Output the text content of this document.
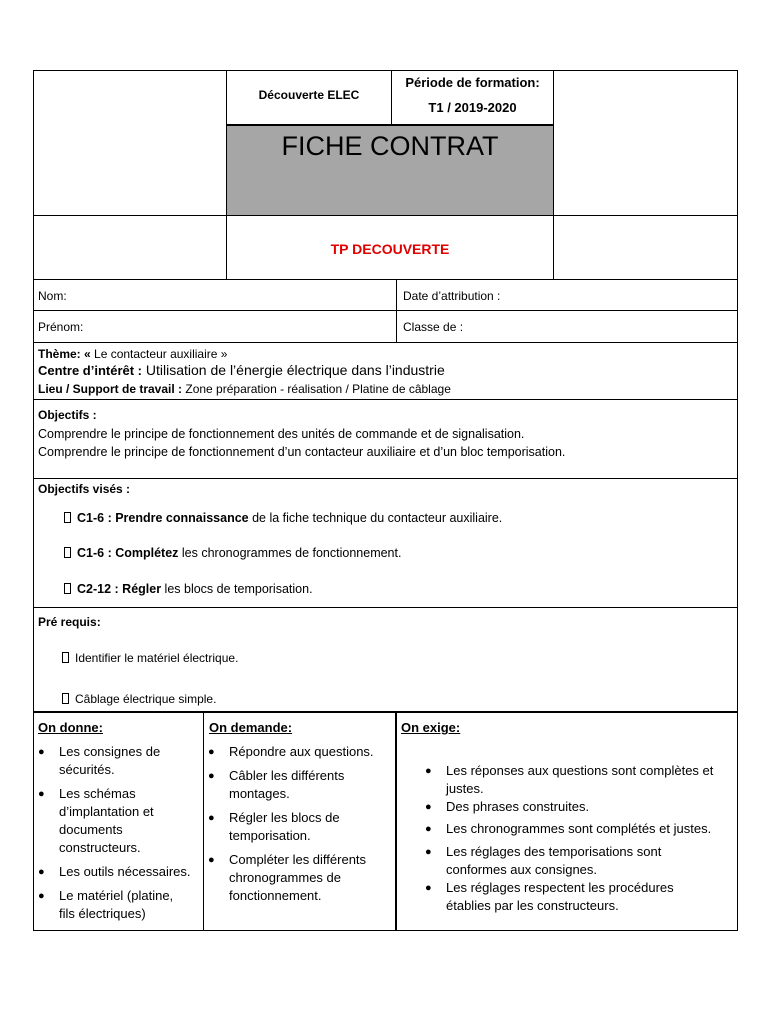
Découverte ELEC
Période de formation:
T1 / 2019-2020
FICHE CONTRAT
TP DECOUVERTE
Nom:	Date d’attribution :
Prénom:	Classe de :
Thème: « Le contacteur auxiliaire »
Centre d’intérêt : Utilisation de l’énergie électrique dans l’industrie
Lieu / Support de travail : Zone préparation - réalisation / Platine de câblage
Objectifs :
Comprendre le principe de fonctionnement des unités de commande et de signalisation.
Comprendre le principe de fonctionnement d’un contacteur auxiliaire et d’un bloc temporisation.
Objectifs visés :
C1-6 : Prendre connaissance de la fiche technique du contacteur auxiliaire.
C1-6 : Complétez les chronogrammes de fonctionnement.
C2-12 : Régler les blocs de temporisation.
Pré requis:
Identifier le matériel électrique.
Câblage électrique simple.
On donne:
● Les consignes de sécurités.
● Les schémas d’implantation et documents constructeurs.
● Les outils nécessaires.
● Le matériel (platine, fils électriques)
On demande:
● Répondre aux questions.
● Câbler les différents montages.
● Régler les blocs de temporisation.
● Compléter les différents chronogrammes de fonctionnement.
On exige:
● Les réponses aux questions sont complètes et justes.
● Des phrases construites.
● Les chronogrammes sont complétés et justes.
● Les réglages des temporisations sont conformes aux consignes.
● Les réglages respectent les procédures établies par les constructeurs.
